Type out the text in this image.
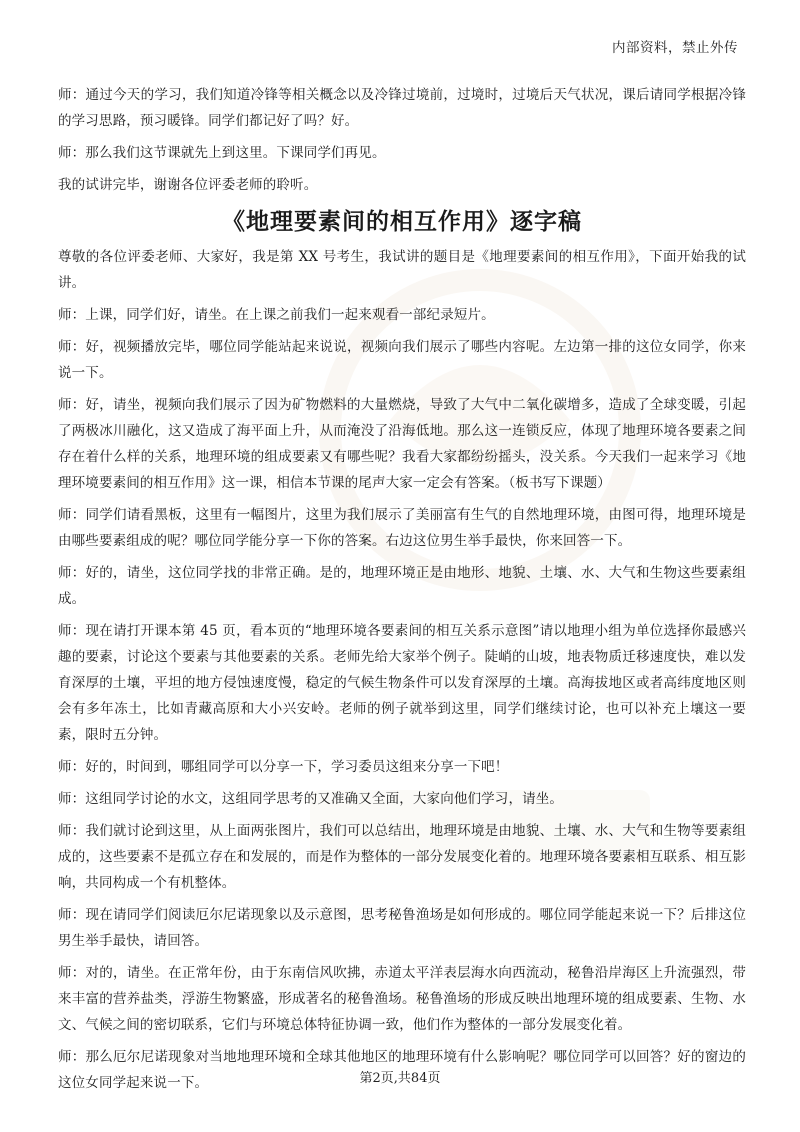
内部资料，禁止外传

师：通过今天的学习，我们知道冷锋等相关概念以及冷锋过境前，过境时，过境后天气状况，课后请同学根据冷锋的学习思路，预习暖锋。同学们都记好了吗？好。

师：那么我们这节课就先上到这里。下课同学们再见。

我的试讲完毕，谢谢各位评委老师的聆听。

《地理要素间的相互作用》逐字稿

尊敬的各位评委老师、大家好，我是第 XX 号考生，我试讲的题目是《地理要素间的相互作用》，下面开始我的试讲。

师：上课，同学们好，请坐。在上课之前我们一起来观看一部纪录短片。

师：好，视频播放完毕，哪位同学能站起来说说，视频向我们展示了哪些内容呢。左边第一排的这位女同学，你来说一下。

师：好，请坐，视频向我们展示了因为矿物燃料的大量燃烧，导致了大气中二氧化碳增多，造成了全球变暖，引起了两极冰川融化，这又造成了海平面上升，从而淹没了沿海低地。那么这一连锁反应，体现了地理环境各要素之间存在着什么样的关系，地理环境的组成要素又有哪些呢？我看大家都纷纷摇头，没关系。今天我们一起来学习《地理环境要素间的相互作用》这一课，相信本节课的尾声大家一定会有答案。（板书写下课题）

师：同学们请看黑板，这里有一幅图片，这里为我们展示了美丽富有生气的自然地理环境，由图可得，地理环境是由哪些要素组成的呢？哪位同学能分享一下你的答案。右边这位男生举手最快，你来回答一下。

师：好的，请坐，这位同学找的非常正确。是的，地理环境正是由地形、地貌、土壤、水、大气和生物这些要素组成。

师：现在请打开课本第 45 页，看本页的“地理环境各要素间的相互关系示意图”请以地理小组为单位选择你最感兴趣的要素，讨论这个要素与其他要素的关系。老师先给大家举个例子。陡峭的山坡，地表物质迁移速度快，难以发育深厚的土壤，平坦的地方侵蚀速度慢，稳定的气候生物条件可以发育深厚的土壤。高海拔地区或者高纬度地区则会有多年冻土，比如青藏高原和大小兴安岭。老师的例子就举到这里，同学们继续讨论，也可以补充上壤这一要素，限时五分钟。

师：好的，时间到，哪组同学可以分享一下，学习委员这组来分享一下吧！

师：这组同学讨论的水文，这组同学思考的又准确又全面，大家向他们学习，请坐。

师：我们就讨论到这里，从上面两张图片，我们可以总结出，地理环境是由地貌、土壤、水、大气和生物等要素组成的，这些要素不是孤立存在和发展的，而是作为整体的一部分发展变化着的。地理环境各要素相互联系、相互影响，共同构成一个有机整体。

师：现在请同学们阅读厄尔尼诺现象以及示意图，思考秘鲁渔场是如何形成的。哪位同学能起来说一下？后排这位男生举手最快，请回答。

师：对的，请坐。在正常年份，由于东南信风吹拂，赤道太平洋表层海水向西流动，秘鲁沿岸海区上升流强烈，带来丰富的营养盐类，浮游生物繁盛，形成著名的秘鲁渔场。秘鲁渔场的形成反映出地理环境的组成要素、生物、水文、气候之间的密切联系，它们与环境总体特征协调一致，他们作为整体的一部分发展变化着。

师：那么厄尔尼诺现象对当地地理环境和全球其他地区的地理环境有什么影响呢？哪位同学可以回答？好的窗边的这位女同学起来说一下。	第2页,共84页
